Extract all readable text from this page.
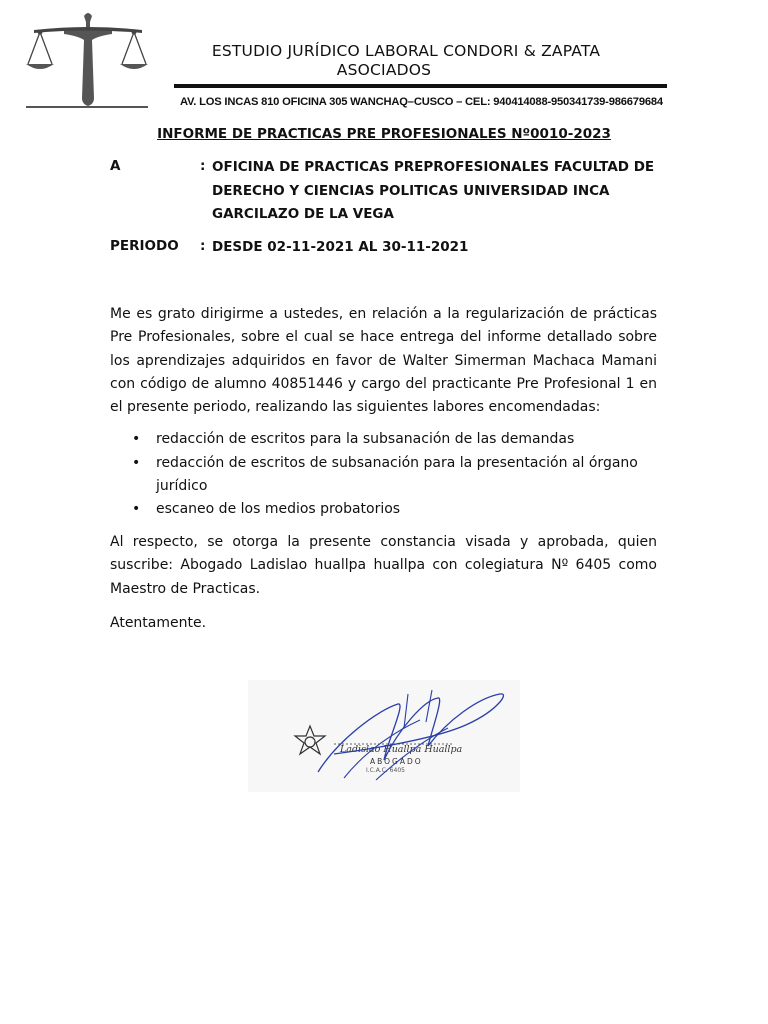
ESTUDIO JURÍDICO LABORAL CONDORI & ZAPATA
ASOCIADOS
AV. LOS INCAS 810 OFICINA 305 WANCHAQ–CUSCO – CEL: 940414088-950341739-986679684
INFORME DE PRACTICAS PRE PROFESIONALES Nº0010-2023
A	: OFICINA DE PRACTICAS PREPROFESIONALES FACULTAD DE DERECHO Y CIENCIAS POLITICAS UNIVERSIDAD INCA GARCILAZO DE LA VEGA
PERIODO : DESDE 02-11-2021 AL 30-11-2021
Me es grato dirigirme a ustedes, en relación a la regularización de prácticas Pre Profesionales, sobre el cual se hace entrega del informe detallado sobre los aprendizajes adquiridos en favor de Walter Simerman Machaca Mamani con código de alumno 40851446 y cargo del practicante Pre Profesional 1 en el presente periodo, realizando las siguientes labores encomendadas:
• redacción de escritos para la subsanación de las demandas
• redacción de escritos de subsanación para la presentación al órgano jurídico
• escaneo de los medios probatorios
Al respecto, se otorga la presente constancia visada y aprobada, quien suscribe: Abogado Ladislao huallpa huallpa con colegiatura Nº 6405 como Maestro de Practicas.
Atentamente.
Ladislao Huallpa Huallpa
ABOGADO
I.C.A.C. 6405
